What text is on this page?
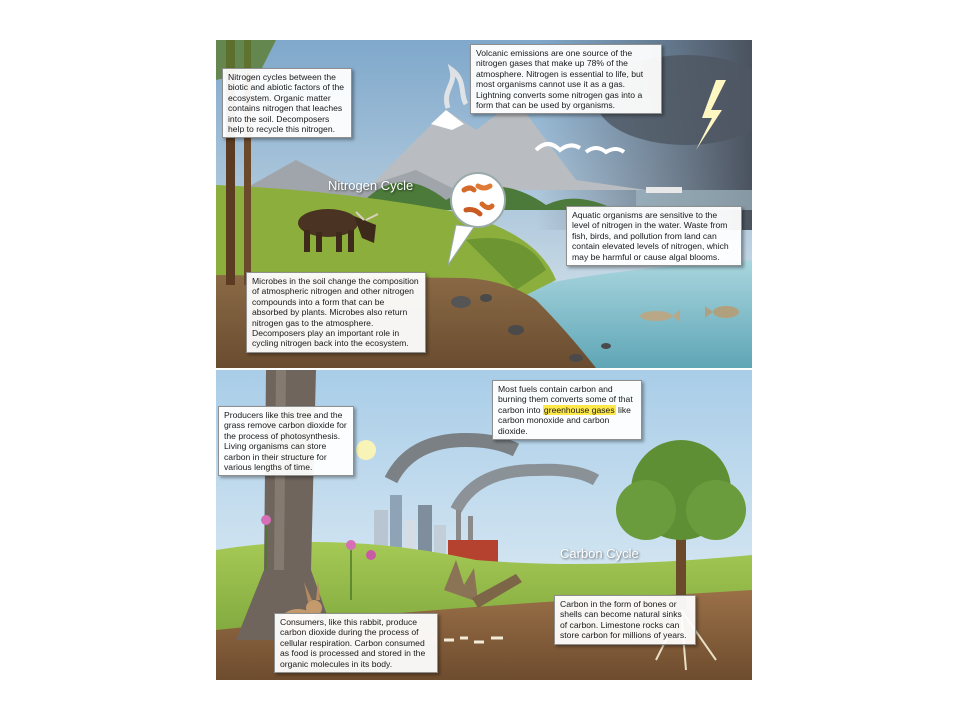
Nitrogen Cycle
Nitrogen cycles between the biotic and abiotic factors of the ecosystem. Organic matter contains nitrogen that leaches into the soil. Decomposers help to recycle this nitrogen.
Volcanic emissions are one source of the nitrogen gases that make up 78% of the atmosphere. Nitrogen is essential to life, but most organisms cannot use it as a gas. Lightning converts some nitrogen gas into a form that can be used by organisms.
Aquatic organisms are sensitive to the level of nitrogen in the water. Waste from fish, birds, and pollution from land can contain elevated levels of nitrogen, which may be harmful or cause algal blooms.
Microbes in the soil change the composition of atmospheric nitrogen and other nitrogen compounds into a form that can be absorbed by plants. Microbes also return nitrogen gas to the atmosphere. Decomposers play an important role in cycling nitrogen back into the ecosystem.
Carbon Cycle
Most fuels contain carbon and burning them converts some of that carbon into greenhouse gases like carbon monoxide and carbon dioxide.
Producers like this tree and the grass remove carbon dioxide for the process of photosynthesis. Living organisms can store carbon in their structure for various lengths of time.
Consumers, like this rabbit, produce carbon dioxide during the process of cellular respiration. Carbon consumed as food is processed and stored in the organic molecules in its body.
Carbon in the form of bones or shells can become natural sinks of carbon. Limestone rocks can store carbon for millions of years.
